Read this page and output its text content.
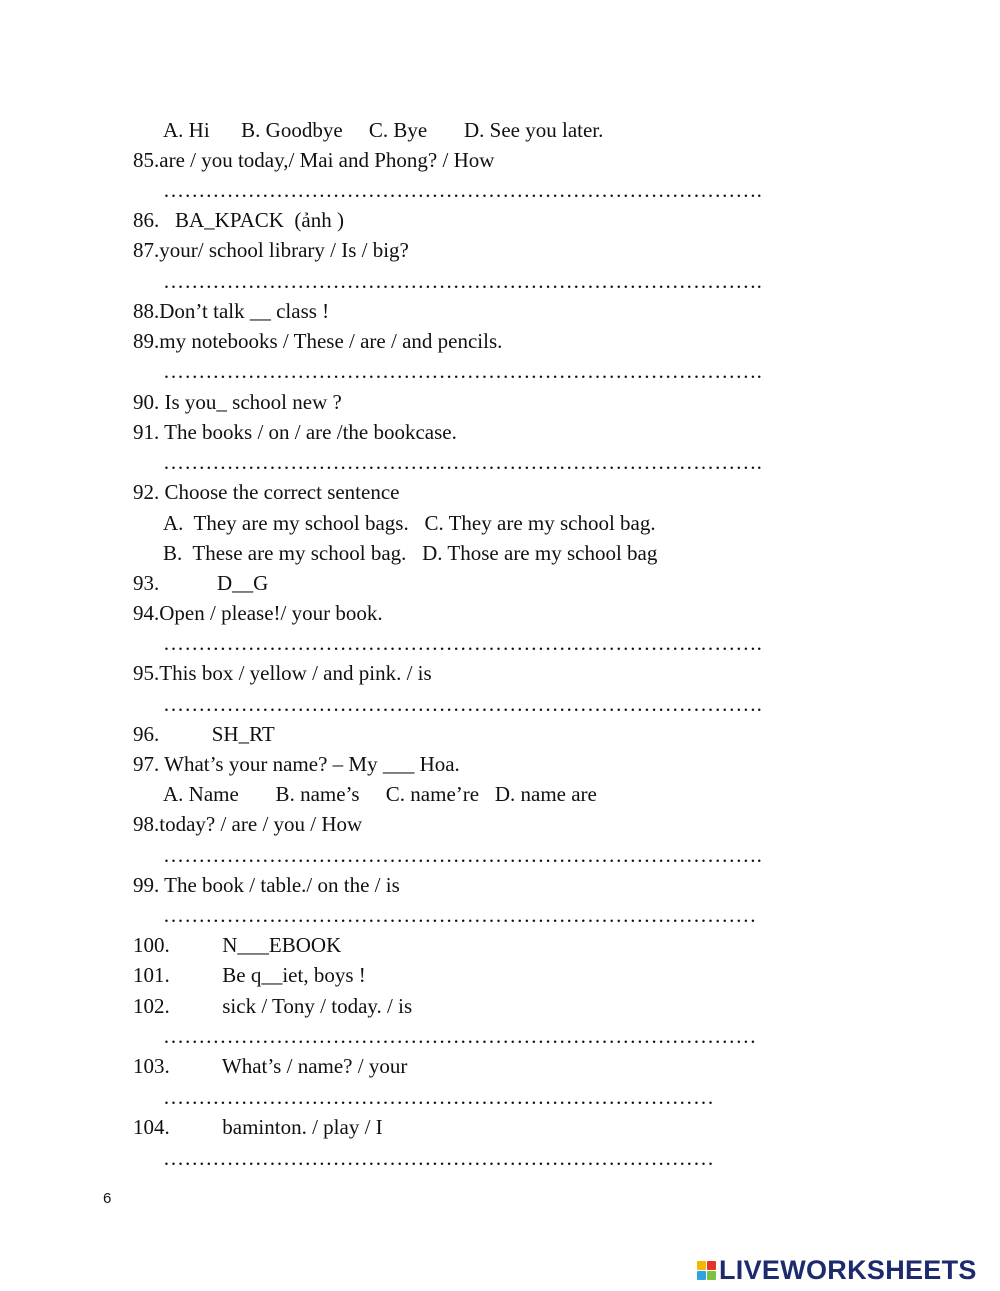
A. Hi      B. Goodbye     C. Bye       D. See you later.
85.are / you today,/ Mai and Phong? / How
………………………………………………………………………….
86.   BA_KPACK  (ảnh )
87.your/ school library / Is / big?
………………………………………………………………………….
88.Don’t talk __ class !
89.my notebooks / These / are / and pencils.
………………………………………………………………………….
90. Is you_ school new ?
91. The books / on / are /the bookcase.
………………………………………………………………………….
92. Choose the correct sentence
A.  They are my school bags.   C. They are my school bag.
B.  These are my school bag.   D. Those are my school bag
93.           D__G
94.Open / please!/ your book.
………………………………………………………………………….
95.This box / yellow / and pink. / is
………………………………………………………………………….
96.          SH_RT
97. What’s your name? – My ___ Hoa.
A. Name       B. name’s     C. name’re   D. name are
98.today? / are / you / How
………………………………………………………………………….
99. The book / table./ on the / is
…………………………………………………………………………
100.          N___EBOOK
101.          Be q__iet, boys !
102.          sick / Tony / today. / is
…………………………………………………………………………
103.          What’s / name? / your
……………………………………………………………………
104.          baminton. / play / I
……………………………………………………………………
6
LIVEWORKSHEETS
